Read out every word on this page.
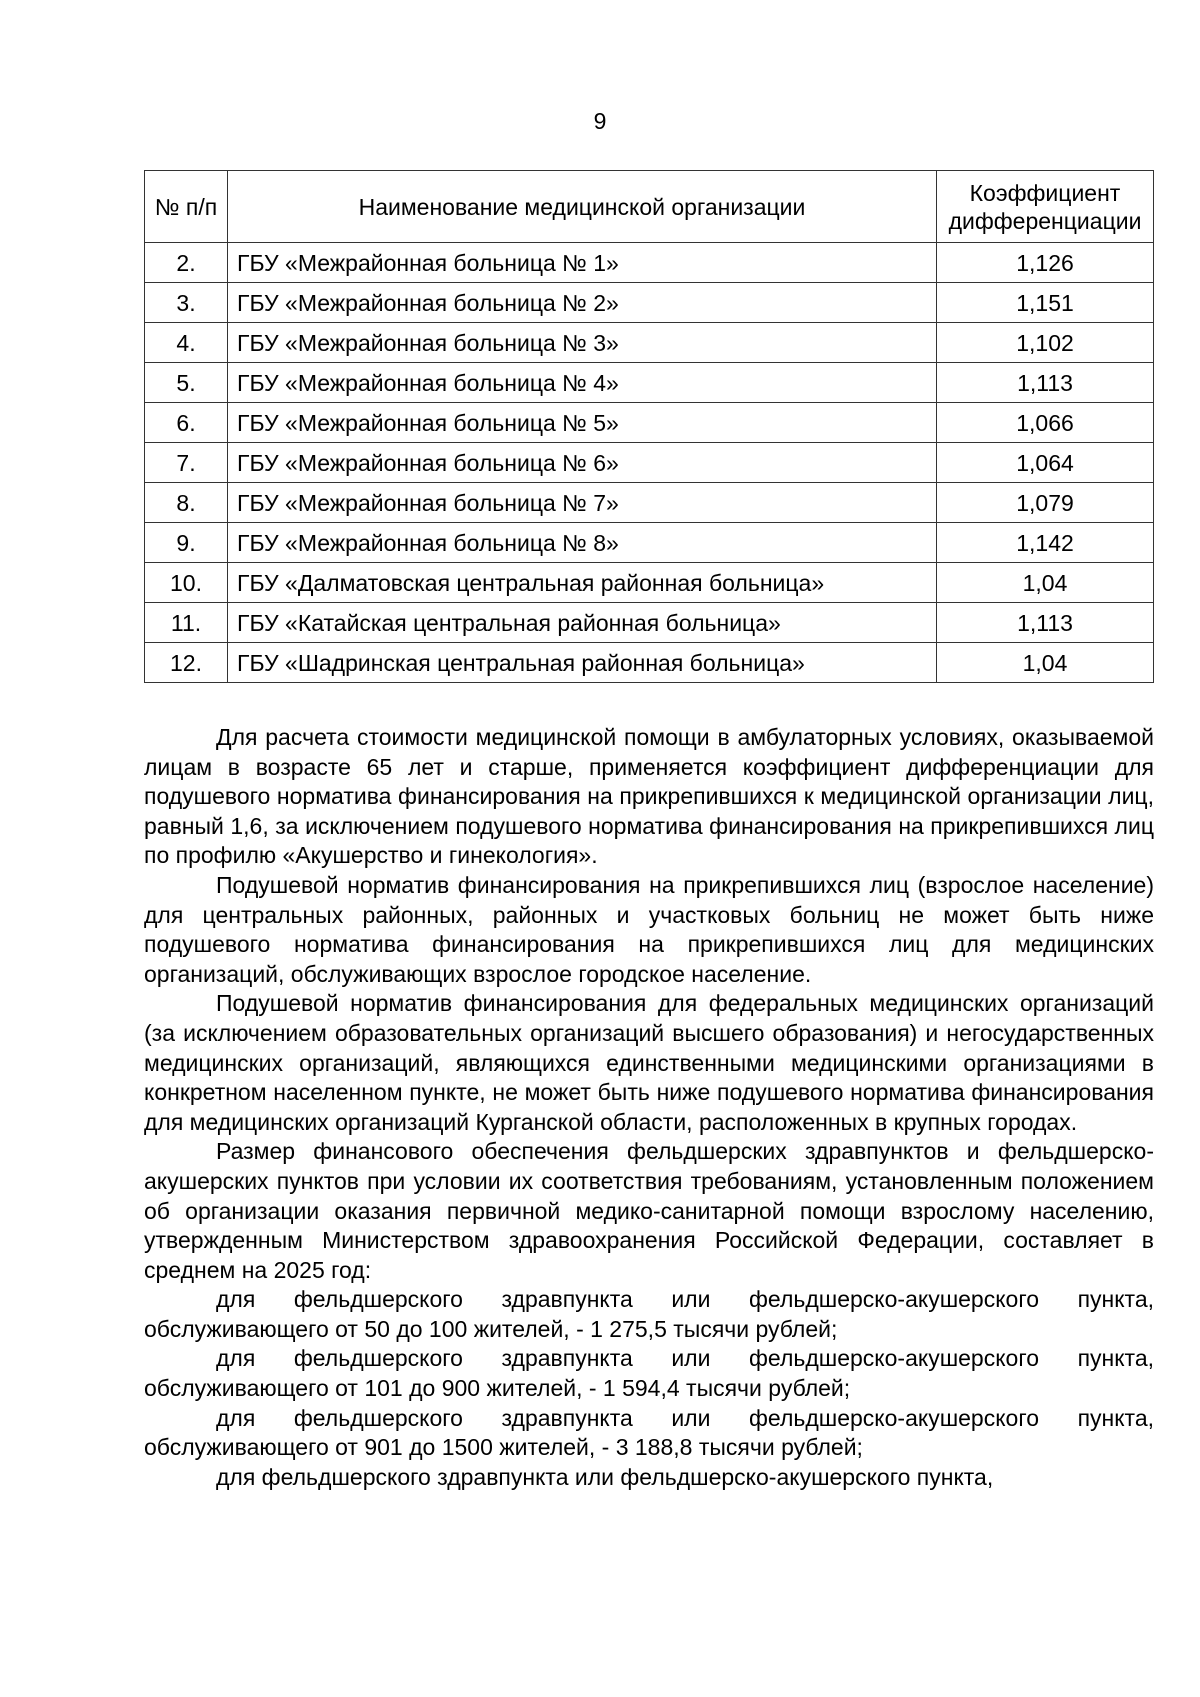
9
№ п/п	Наименование медицинской организации	Коэффициент дифференциации
2.	ГБУ «Межрайонная больница № 1»	1,126
3.	ГБУ «Межрайонная больница № 2»	1,151
4.	ГБУ «Межрайонная больница № 3»	1,102
5.	ГБУ «Межрайонная больница № 4»	1,113
6.	ГБУ «Межрайонная больница № 5»	1,066
7.	ГБУ «Межрайонная больница № 6»	1,064
8.	ГБУ «Межрайонная больница № 7»	1,079
9.	ГБУ «Межрайонная больница № 8»	1,142
10.	ГБУ «Далматовская центральная районная больница»	1,04
11.	ГБУ «Катайская центральная районная больница»	1,113
12.	ГБУ «Шадринская центральная районная больница»	1,04

Для расчета стоимости медицинской помощи в амбулаторных условиях, оказываемой лицам в возрасте 65 лет и старше, применяется коэффициент дифференциации для подушевого норматива финансирования на прикрепившихся к медицинской организации лиц, равный 1,6, за исключением подушевого норматива финансирования на прикрепившихся лиц по профилю «Акушерство и гинекология».

Подушевой норматив финансирования на прикрепившихся лиц (взрослое население) для центральных районных, районных и участковых больниц не может быть ниже подушевого норматива финансирования на прикрепившихся лиц для медицинских организаций, обслуживающих взрослое городское население.

Подушевой норматив финансирования для федеральных медицинских организаций (за исключением образовательных организаций высшего образования) и негосударственных медицинских организаций, являющихся единственными медицинскими организациями в конкретном населенном пункте, не может быть ниже подушевого норматива финансирования для медицинских организаций Курганской области, расположенных в крупных городах.

Размер финансового обеспечения фельдшерских здравпунктов и фельдшерско-акушерских пунктов при условии их соответствия требованиям, установленным положением об организации оказания первичной медико-санитарной помощи взрослому населению, утвержденным Министерством здравоохранения Российской Федерации, составляет в среднем на 2025 год:

для фельдшерского здравпункта или фельдшерско-акушерского пункта, обслуживающего от 50 до 100 жителей, - 1 275,5 тысячи рублей;

для фельдшерского здравпункта или фельдшерско-акушерского пункта, обслуживающего от 101 до 900 жителей, - 1 594,4 тысячи рублей;

для фельдшерского здравпункта или фельдшерско-акушерского пункта, обслуживающего от 901 до 1500 жителей, - 3 188,8 тысячи рублей;

для фельдшерского здравпункта или фельдшерско-акушерского пункта,
